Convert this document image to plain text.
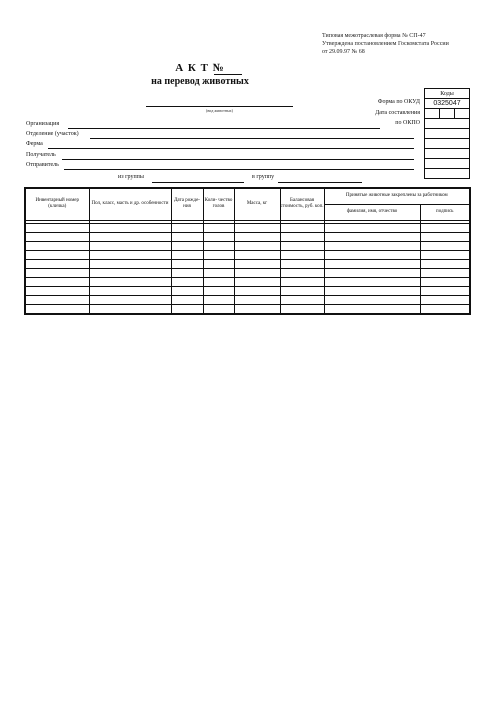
Типовая межотраслевая форма № СП-47
Утверждена постановлением Госкомстата России
от 29.09.97 № 68
А К Т №
на перевод животных
(вид животных)
Коды
0325047

Форма по ОКУД
Дата составления
по ОКПО
Организация
Отделение (участок)
Ферма
Получатель
Отправитель
из группы	в группу
Инвентарный номер (кличка)	Пол, класс, масть и др. особенности	Дата рожде- ния	Коли- чество голов	Масса, кг	Балансовая стоимость, руб. коп.	Принятые животные закреплены за работником	
						фамилия, имя, отчество	подпись
